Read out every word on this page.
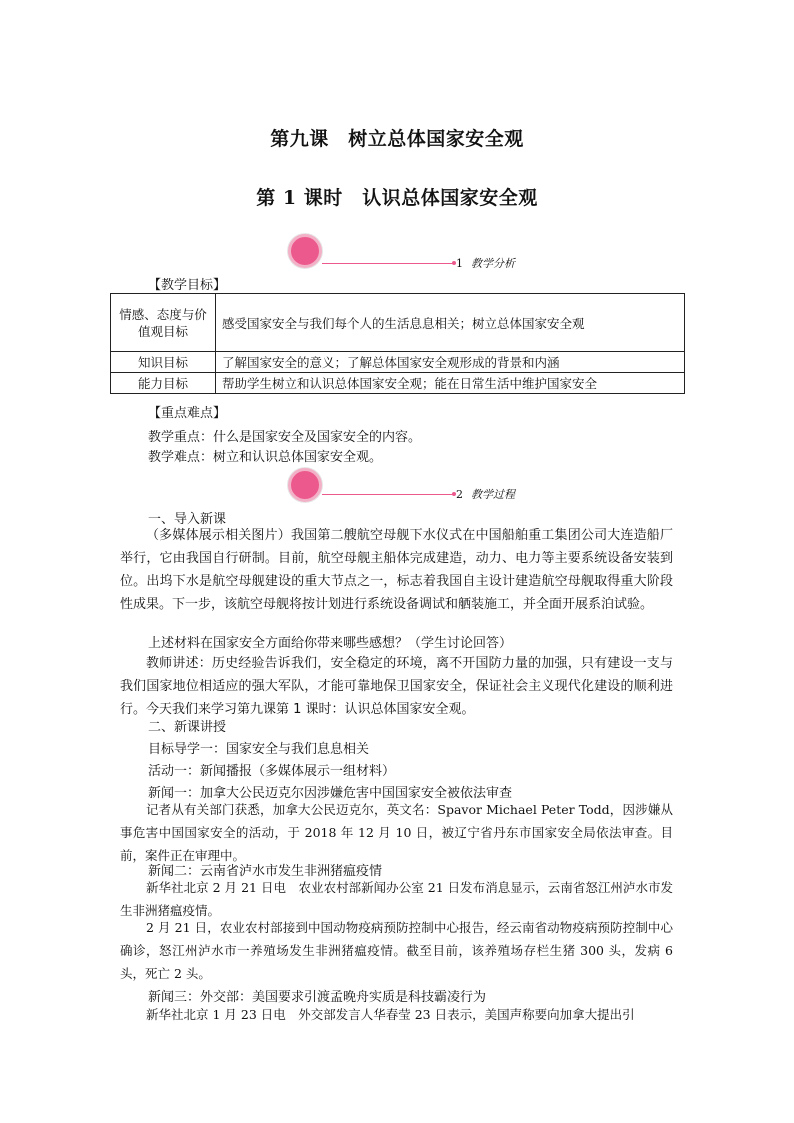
第九课　树立总体国家安全观
第 1 课时　认识总体国家安全观
1 教学分析
【教学目标】
情感、态度与价值观目标	感受国家安全与我们每个人的生活息息相关；树立总体国家安全观
知识目标	了解国家安全的意义；了解总体国家安全观形成的背景和内涵
能力目标	帮助学生树立和认识总体国家安全观；能在日常生活中维护国家安全
【重点难点】
教学重点：什么是国家安全及国家安全的内容。
教学难点：树立和认识总体国家安全观。
2 教学过程
一、导入新课
（多媒体展示相关图片）我国第二艘航空母舰下水仪式在中国船舶重工集团公司大连造船厂举行，它由我国自行研制。目前，航空母舰主船体完成建造，动力、电力等主要系统设备安装到位。出坞下水是航空母舰建设的重大节点之一，标志着我国自主设计建造航空母舰取得重大阶段性成果。下一步，该航空母舰将按计划进行系统设备调试和舾装施工，并全面开展系泊试验。
上述材料在国家安全方面给你带来哪些感想？（学生讨论回答）
教师讲述：历史经验告诉我们，安全稳定的环境，离不开国防力量的加强，只有建设一支与我们国家地位相适应的强大军队，才能可靠地保卫国家安全，保证社会主义现代化建设的顺利进行。今天我们来学习第九课第 1 课时：认识总体国家安全观。
二、新课讲授
目标导学一：国家安全与我们息息相关
活动一：新闻播报（多媒体展示一组材料）
新闻一：加拿大公民迈克尔因涉嫌危害中国国家安全被依法审查
记者从有关部门获悉，加拿大公民迈克尔，英文名：Spavor Michael Peter Todd，因涉嫌从事危害中国国家安全的活动，于 2018 年 12 月 10 日，被辽宁省丹东市国家安全局依法审查。目前，案件正在审理中。
新闻二：云南省泸水市发生非洲猪瘟疫情
新华社北京 2 月 21 日电　农业农村部新闻办公室 21 日发布消息显示，云南省怒江州泸水市发生非洲猪瘟疫情。
2 月 21 日，农业农村部接到中国动物疫病预防控制中心报告，经云南省动物疫病预防控制中心确诊，怒江州泸水市一养殖场发生非洲猪瘟疫情。截至目前，该养殖场存栏生猪 300 头，发病 6 头，死亡 2 头。
新闻三：外交部：美国要求引渡孟晚舟实质是科技霸凌行为
新华社北京 1 月 23 日电　外交部发言人华春莹 23 日表示，美国声称要向加拿大提出引
